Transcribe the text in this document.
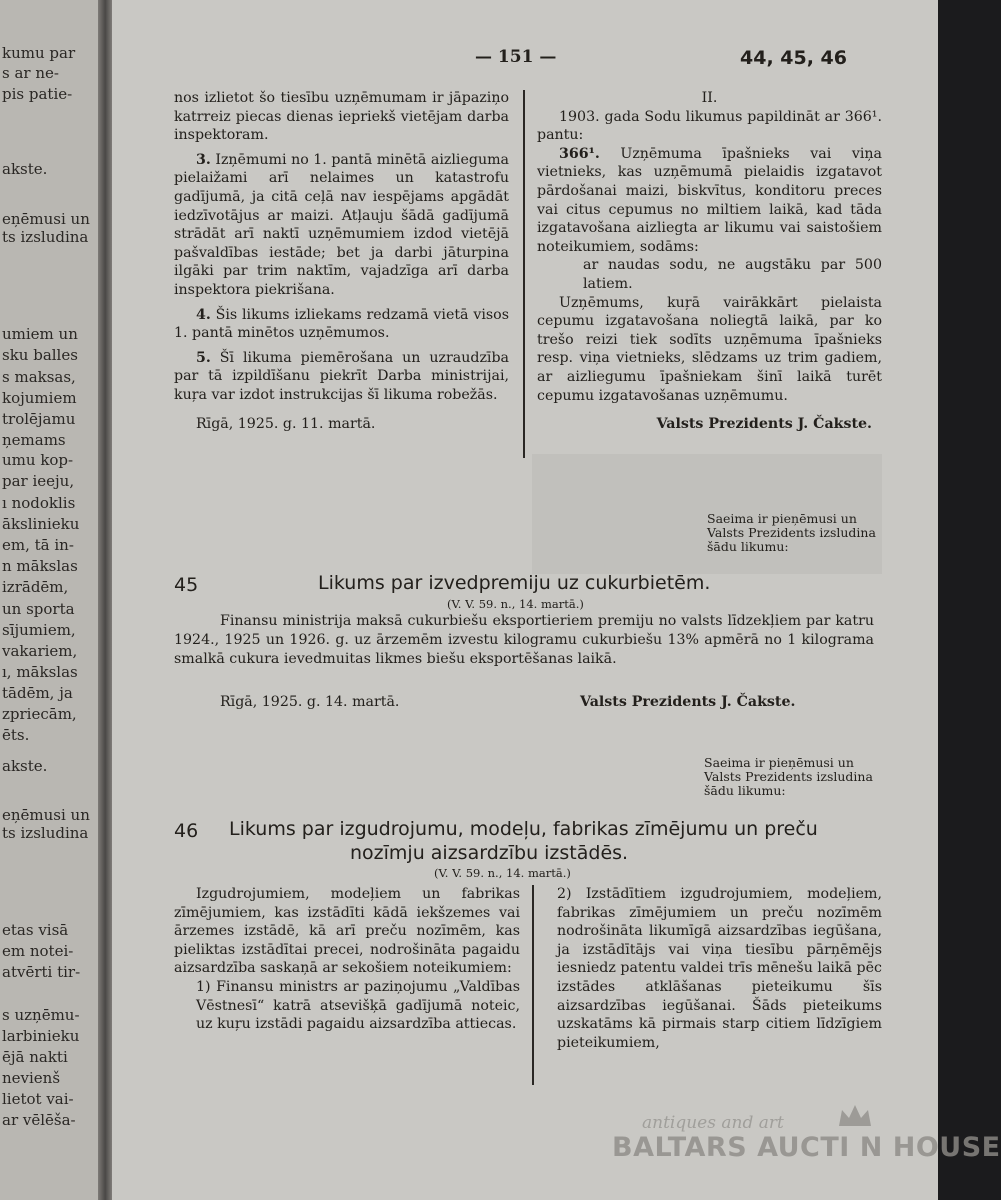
kumu par
s ar ne-
pis patie-
akste.
eņēmusi un
ts izsludina
umiem un
sku balles
s maksas,
kojumiem
trolējamu
ņemams
umu kop-
par ieeju,
ı nodoklis
ākslinieku
em, tā in-
n mākslas
izrādēm,
un sporta
sījumiem,
vakariem,
ı, mākslas
tādēm, ja
zpriecām,
ēts.
akste.
eņēmusi un
ts izsludina
etas visā
em notei-
atvērti tir-
s uzņēmu-
larbinieku
ējā nakti
nevienš
lietot vai-
ar vēlēša-
— 151 —	44, 45, 46

nos izlietot šo tiesību uzņēmumam ir jāpaziņo katrreiz piecas dienas iepriekš vietējam darba inspektoram.

3. Izņēmumi no 1. pantā minētā aizlieguma pielaižami arī nelaimes un katastrofu gadījumā, ja citā ceļā nav iespējams apgādāt iedzīvotājus ar maizi. Atļauju šādā gadījumā strādāt arī naktī uzņēmumiem izdod vietējā pašvaldības iestāde; bet ja darbi jāturpina ilgāki par trim naktīm, vajadzīga arī darba inspektora piekrišana.

4. Šis likums izliekams redzamā vietā visos 1. pantā minētos uzņēmumos.

5. Šī likuma piemērošana un uzraudzība par tā izpildīšanu piekrīt Darba ministrijai, kuŗa var izdot instrukcijas šī likuma robežās.

Rīgā, 1925. g. 11. martā.

II.

1903. gada Sodu likumus papildināt ar 366¹. pantu:

366¹. Uzņēmuma īpašnieks vai viņa vietnieks, kas uzņēmumā pielaidis izgatavot pārdošanai maizi, biskvītus, konditoru preces vai citus cepumus no miltiem laikā, kad tāda izgatavošana aizliegta ar likumu vai saistošiem noteikumiem, sodāms:

ar naudas sodu, ne augstāku par 500 latiem.

Uzņēmums, kuŗā vairākkārt pielaista cepumu izgatavošana noliegtā laikā, par ko trešo reizi tiek sodīts uzņēmuma īpašnieks resp. viņa vietnieks, slēdzams uz trim gadiem, ar aizliegumu īpašniekam šinī laikā turēt cepumu izgatavošanas uzņēmumu.

Valsts Prezidents J. Čakste.

Saeima ir pieņēmusi un
Valsts Prezidents izsludina
šādu likumu:
45	Likums par izvedpremiju uz cukurbietēm.
(V. V. 59. n., 14. martā.)
Finansu ministrija maksā cukurbiešu eksportieriem premiju no valsts līdzekļiem par katru 1924., 1925 un 1926. g. uz ārzemēm izvestu kilogramu cukurbiešu 13% apmērā no 1 kilograma smalkā cukura ievedmuitas likmes biešu eksportēšanas laikā.
Rīgā, 1925. g. 14. martā.	Valsts Prezidents J. Čakste.
Saeima ir pieņēmusi un
Valsts Prezidents izsludina
šādu likumu:
46 Likums par izgudrojumu, modeļu, fabrikas zīmējumu un preču
nozīmju aizsardzību izstādēs.
(V. V. 59. n., 14. martā.)

Izgudrojumiem, modeļiem un fabrikas zīmējumiem, kas izstādīti kādā iekšzemes vai ārzemes izstādē, kā arī preču nozīmēm, kas pieliktas izstādītai precei, nodrošināta pagaidu aizsardzība saskaņā ar sekošiem noteikumiem:

1) Finansu ministrs ar paziņojumu „Valdības Vēstnesī“ katrā atsevišķā gadījumā noteic, uz kuŗu izstādi pagaidu aizsardzība attiecas.

2) Izstādītiem izgudrojumiem, modeļiem, fabrikas zīmējumiem un preču nozīmēm nodrošināta likumīgā aizsardzības iegūšana, ja izstādītājs vai viņa tiesību pārņēmējs iesniedz patentu valdei trīs mēnešu laikā pēc izstādes atklāšanas pieteikumu šīs aizsardzības iegūšanai. Šāds pieteikums uzskatāms kā pirmais starp citiem līdzīgiem pieteikumiem,

antiques and art
BALTARS AUCTI N HOUSE
